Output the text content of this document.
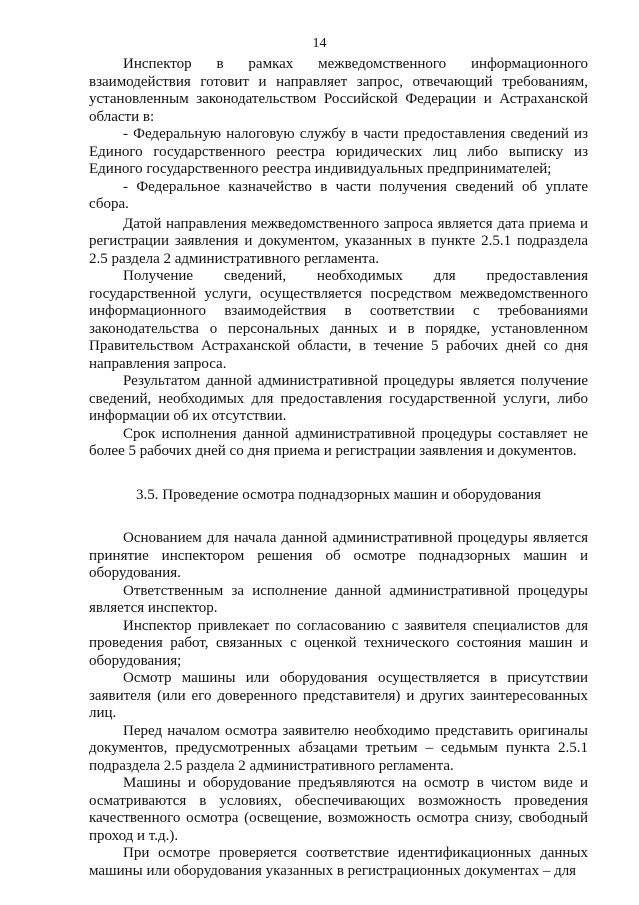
14

Инспектор в рамках межведомственного информационного взаимодействия готовит и направляет запрос, отвечающий требованиям, установленным законодательством Российской Федерации и Астраханской области в:

- Федеральную налоговую службу в части предоставления сведений из Единого государственного реестра юридических лиц либо выписку из Единого государственного реестра индивидуальных предпринимателей;

- Федеральное казначейство в части получения сведений об уплате сбора.

Датой направления межведомственного запроса является дата приема и регистрации заявления и документом, указанных в пункте 2.5.1 подраздела 2.5 раздела 2 административного регламента.

Получение сведений, необходимых для предоставления государственной услуги, осуществляется посредством межведомственного информационного взаимодействия в соответствии с требованиями законодательства о персональных данных и в порядке, установленном Правительством Астраханской области, в течение 5 рабочих дней со дня направления запроса.

Результатом данной административной процедуры является получение сведений, необходимых для предоставления государственной услуги, либо информации об их отсутствии.

Срок исполнения данной административной процедуры составляет не более 5 рабочих дней со дня приема и регистрации заявления и документов.

3.5. Проведение осмотра поднадзорных машин и оборудования

Основанием для начала данной административной процедуры является принятие инспектором решения об осмотре поднадзорных машин и оборудования.

Ответственным за исполнение данной административной процедуры является инспектор.

Инспектор привлекает по согласованию с заявителя специалистов для проведения работ, связанных с оценкой технического состояния машин и оборудования;

Осмотр машины или оборудования осуществляется в присутствии заявителя (или его доверенного представителя) и других заинтересованных лиц.

Перед началом осмотра заявителю необходимо представить оригиналы документов, предусмотренных абзацами третьим – седьмым пункта 2.5.1 подраздела 2.5 раздела 2 административного регламента.

Машины и оборудование предъявляются на осмотр в чистом виде и осматриваются в условиях, обеспечивающих возможность проведения качественного осмотра (освещение, возможность осмотра снизу, свободный проход и т.д.).

При осмотре проверяется соответствие идентификационных данных машины или оборудования указанных в регистрационных документах – для
